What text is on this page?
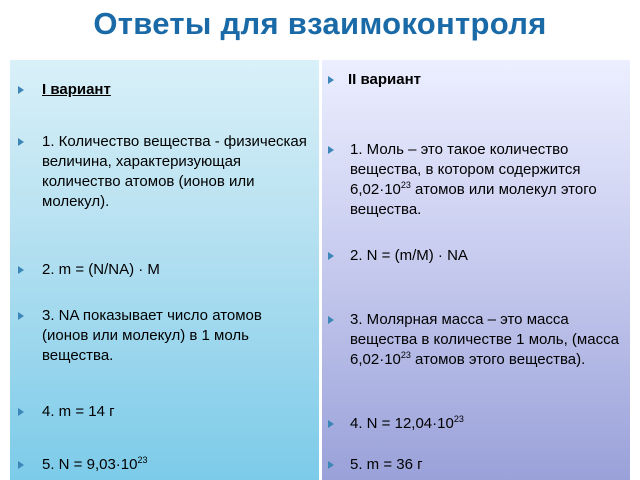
Ответы для взаимоконтроля
I вариант
1. Количество вещества - физическая величина, характеризующая количество атомов (ионов или молекул).
2. m = (N/NA) · M
3. NA показывает число атомов (ионов или молекул) в 1 моль вещества.
4. m = 14 г
5. $N = 9,03\cdot 10^{23}$
II вариант
1. Моль – это такое количество вещества, в котором содержится $6,02\cdot 10^{23}$ атомов или молекул этого вещества.
2. N = (m/M) · NA
3. Молярная масса – это масса вещества в количестве 1 моль, (масса $6,02\cdot 10^{23}$ атомов этого вещества).
4. $N = 12,04\cdot 10^{23}$
5. m = 36 г
